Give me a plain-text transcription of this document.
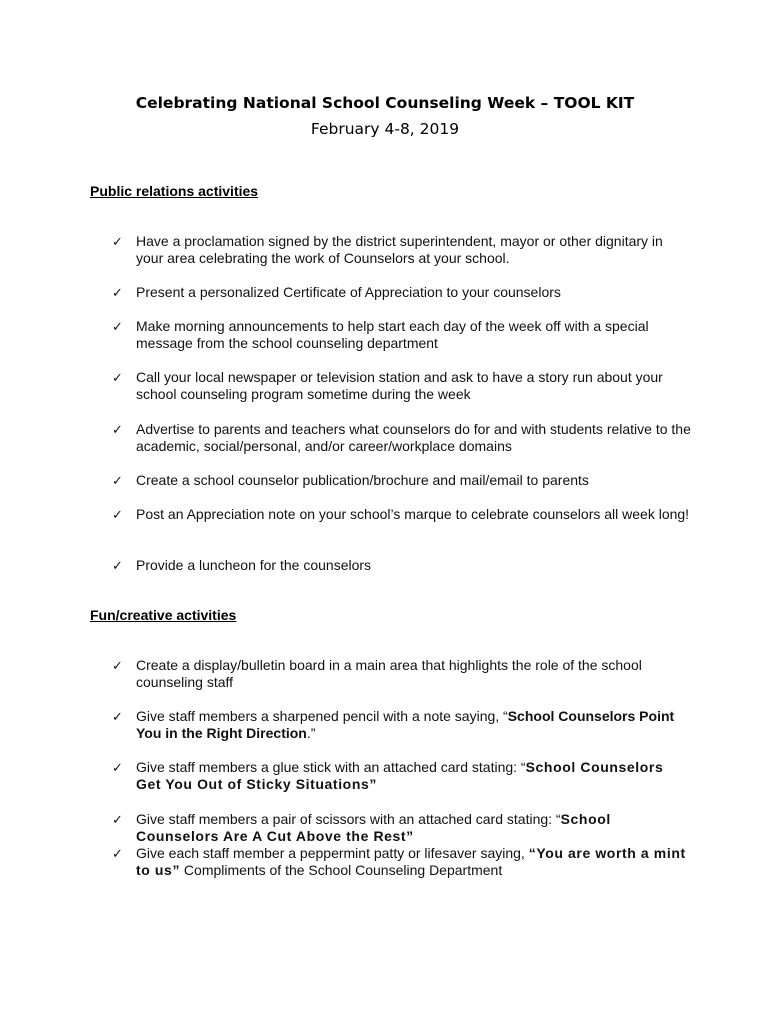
Celebrating National School Counseling Week – TOOL KIT
February 4-8, 2019
Public relations activities
✓ Have a proclamation signed by the district superintendent, mayor or other dignitary in your area celebrating the work of Counselors at your school.
✓ Present a personalized Certificate of Appreciation to your counselors
✓ Make morning announcements to help start each day of the week off with a special message from the school counseling department
✓ Call your local newspaper or television station and ask to have a story run about your school counseling program sometime during the week
✓ Advertise to parents and teachers what counselors do for and with students relative to the academic, social/personal, and/or career/workplace domains
✓ Create a school counselor publication/brochure and mail/email to parents
✓ Post an Appreciation note on your school’s marque to celebrate counselors all week long!
✓ Provide a luncheon for the counselors
Fun/creative activities
✓ Create a display/bulletin board in a main area that highlights the role of the school counseling staff
✓ Give staff members a sharpened pencil with a note saying, “School Counselors Point You in the Right Direction.”
✓ Give staff members a glue stick with an attached card stating: “School Counselors Get You Out of Sticky Situations”
✓ Give staff members a pair of scissors with an attached card stating: “School Counselors Are A Cut Above the Rest”
✓ Give each staff member a peppermint patty or lifesaver saying, “You are worth a mint to us” Compliments of the School Counseling Department
